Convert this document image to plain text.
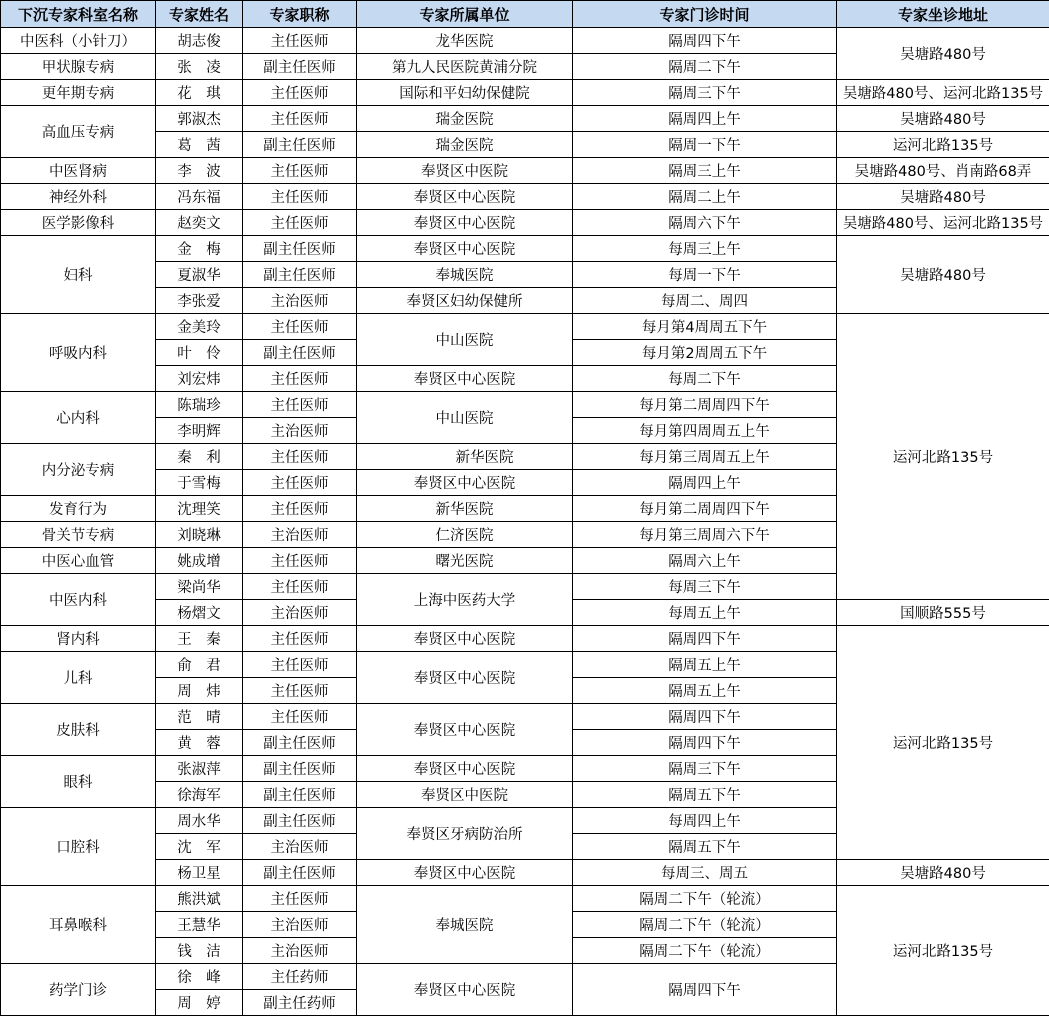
下沉专家科室名称	专家姓名	专家职称	专家所属单位	专家门诊时间	专家坐诊地址
中医科（小针刀）	胡志俊	主任医师	龙华医院	隔周四下午	吴塘路480号
甲状腺专病	张　凌	副主任医师	第九人民医院黄浦分院	隔周二下午	
更年期专病	花　琪	主任医师	国际和平妇幼保健院	隔周三下午	吴塘路480号、运河北路135号
高血压专病	郭淑杰	主任医师	瑞金医院	隔周四上午	吴塘路480号
	葛　茜	副主任医师	瑞金医院	隔周一下午	运河北路135号
中医肾病	李　波	主任医师	奉贤区中医院	隔周三上午	吴塘路480号、肖南路68弄
神经外科	冯东福	主任医师	奉贤区中心医院	隔周二上午	吴塘路480号
医学影像科	赵奕文	主任医师	奉贤区中心医院	隔周六下午	吴塘路480号、运河北路135号
妇科	金　梅	副主任医师	奉贤区中心医院	每周三上午	吴塘路480号
	夏淑华	副主任医师	奉城医院	每周一下午	
	李张爱	主治医师	奉贤区妇幼保健所	每周二、周四	
呼吸内科	金美玲	主任医师	中山医院	每月第4周周五下午	运河北路135号
	叶　伶	副主任医师		每月第2周周五下午	
	刘宏炜	主任医师	奉贤区中心医院	每周二下午	
心内科	陈瑞珍	主任医师	中山医院	每月第二周周四下午	
	李明辉	主治医师		每月第四周周五上午	
内分泌专病	秦　利	主任医师	新华医院	每月第三周周五上午	
	于雪梅	主任医师	奉贤区中心医院	隔周四上午	
发育行为	沈理笑	主任医师	新华医院	每月第二周周四下午	
骨关节专病	刘晓琳	主治医师	仁济医院	每月第三周周六下午	
中医心血管	姚成增	主任医师	曙光医院	隔周六上午	
中医内科	梁尚华	主任医师	上海中医药大学	每周三下午	
	杨熠文	主治医师		每周五上午	国顺路555号
肾内科	王　秦	主任医师	奉贤区中心医院	隔周四下午	运河北路135号
儿科	俞　君	主任医师	奉贤区中心医院	隔周五上午	
	周　炜	主任医师		隔周五上午	
皮肤科	范　晴	主任医师	奉贤区中心医院	隔周四下午	
	黄　蓉	副主任医师		隔周四下午	
眼科	张淑萍	副主任医师	奉贤区中心医院	隔周三下午	
	徐海军	副主任医师	奉贤区中医院	隔周五下午	
口腔科	周水华	副主任医师	奉贤区牙病防治所	每周四上午	
	沈　军	主治医师		隔周五下午	
	杨卫星	副主任医师	奉贤区中心医院	每周三、周五	吴塘路480号
耳鼻喉科	熊洪斌	主任医师	奉城医院	隔周二下午（轮流）	运河北路135号
	王慧华	主治医师		隔周二下午（轮流）	
	钱　洁	主治医师		隔周二下午（轮流）	
药学门诊	徐　峰	主任药师	奉贤区中心医院	隔周四下午	
	周　婷	副主任药师			
